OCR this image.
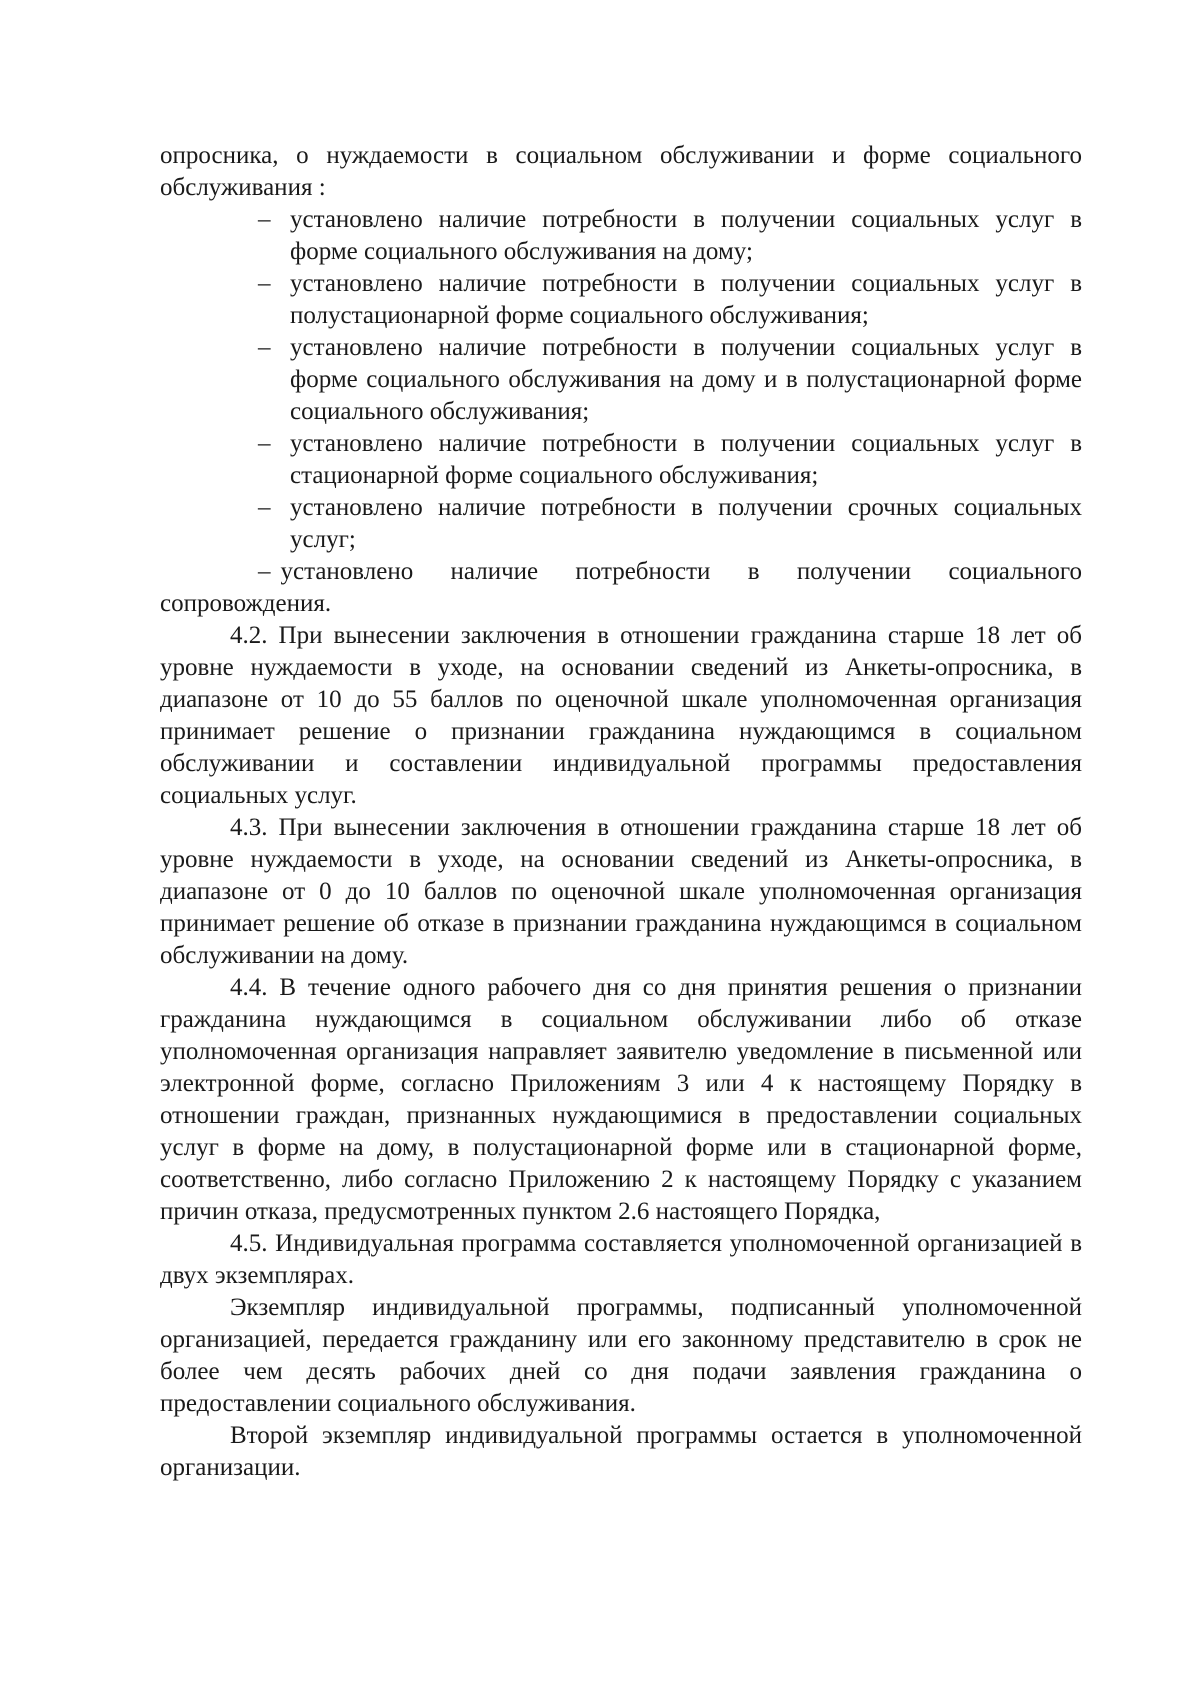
опросника, о нуждаемости в социальном обслуживании и форме социального обслуживания :

– установлено наличие потребности в получении социальных услуг в форме социального обслуживания на дому;
– установлено наличие потребности в получении социальных услуг в полустационарной форме социального обслуживания;
– установлено наличие потребности в получении социальных услуг в форме социального обслуживания на дому и в полустационарной форме социального обслуживания;
– установлено наличие потребности в получении социальных услуг в стационарной форме социального обслуживания;
– установлено наличие потребности в получении срочных социальных услуг;
– установлено наличие потребности в получении социального сопровождения.

4.2. При вынесении заключения в отношении гражданина старше 18 лет об уровне нуждаемости в уходе, на основании сведений из Анкеты-опросника, в диапазоне от 10 до 55 баллов по оценочной шкале уполномоченная организация принимает решение о признании гражданина нуждающимся в социальном обслуживании и составлении индивидуальной программы предоставления социальных услуг.

4.3. При вынесении заключения в отношении гражданина старше 18 лет об уровне нуждаемости в уходе, на основании сведений из Анкеты-опросника, в диапазоне от 0 до 10 баллов по оценочной шкале уполномоченная организация принимает решение об отказе в признании гражданина нуждающимся в социальном обслуживании на дому.

4.4. В течение одного рабочего дня со дня принятия решения о признании гражданина нуждающимся в социальном обслуживании либо об отказе уполномоченная организация направляет заявителю уведомление в письменной или электронной форме, согласно Приложениям 3 или 4 к настоящему Порядку в отношении граждан, признанных нуждающимися в предоставлении социальных услуг в форме на дому, в полустационарной форме или в стационарной форме, соответственно, либо согласно Приложению 2 к настоящему Порядку с указанием причин отказа, предусмотренных пунктом 2.6 настоящего Порядка,

4.5. Индивидуальная программа составляется уполномоченной организацией в двух экземплярах.

Экземпляр индивидуальной программы, подписанный уполномоченной организацией, передается гражданину или его законному представителю в срок не более чем десять рабочих дней со дня подачи заявления гражданина о предоставлении социального обслуживания.

Второй экземпляр индивидуальной программы остается в уполномоченной организации.
